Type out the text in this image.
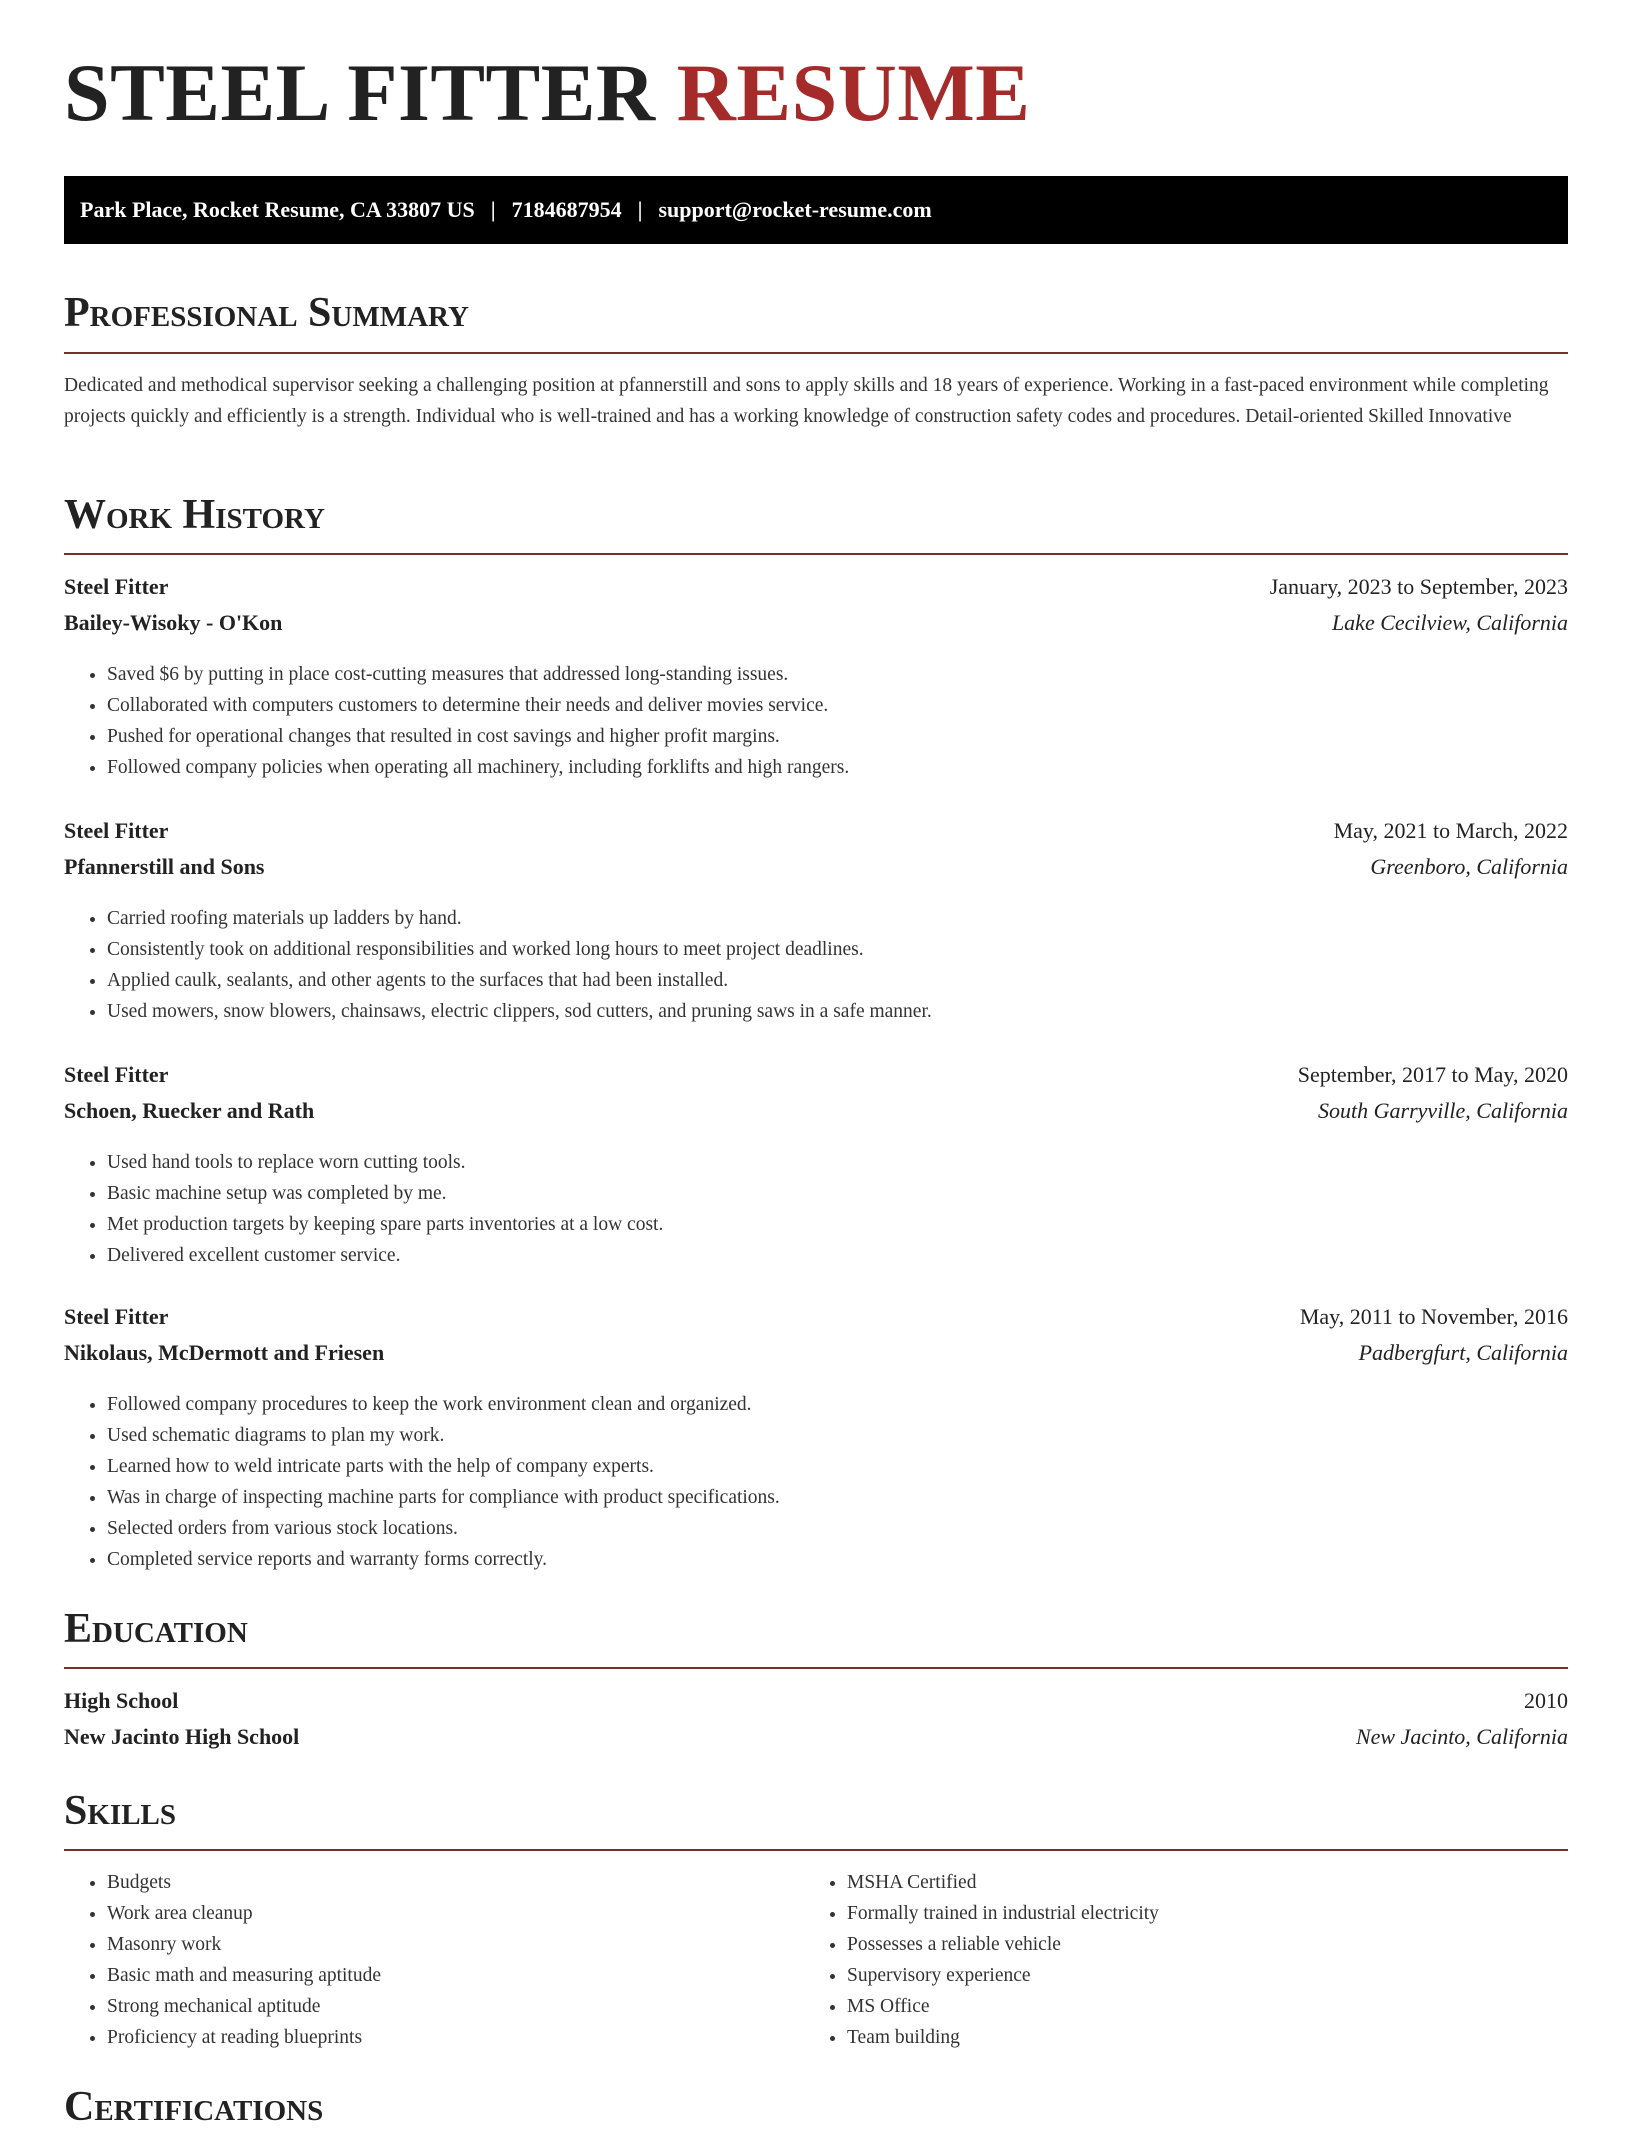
STEEL FITTER RESUME
Park Place, Rocket Resume, CA 33807 US | 7184687954 | support@rocket-resume.com
Professional Summary
Dedicated and methodical supervisor seeking a challenging position at pfannerstill and sons to apply skills and 18 years of experience. Working in a fast-paced environment while completing projects quickly and efficiently is a strength. Individual who is well-trained and has a working knowledge of construction safety codes and procedures. Detail-oriented Skilled Innovative
Work History
Steel Fitter	January, 2023 to September, 2023
Bailey-Wisoky - O'Kon	Lake Cecilview, California
• Saved $6 by putting in place cost-cutting measures that addressed long-standing issues.
• Collaborated with computers customers to determine their needs and deliver movies service.
• Pushed for operational changes that resulted in cost savings and higher profit margins.
• Followed company policies when operating all machinery, including forklifts and high rangers.
Steel Fitter	May, 2021 to March, 2022
Pfannerstill and Sons	Greenboro, California
• Carried roofing materials up ladders by hand.
• Consistently took on additional responsibilities and worked long hours to meet project deadlines.
• Applied caulk, sealants, and other agents to the surfaces that had been installed.
• Used mowers, snow blowers, chainsaws, electric clippers, sod cutters, and pruning saws in a safe manner.
Steel Fitter	September, 2017 to May, 2020
Schoen, Ruecker and Rath	South Garryville, California
• Used hand tools to replace worn cutting tools.
• Basic machine setup was completed by me.
• Met production targets by keeping spare parts inventories at a low cost.
• Delivered excellent customer service.
Steel Fitter	May, 2011 to November, 2016
Nikolaus, McDermott and Friesen	Padbergfurt, California
• Followed company procedures to keep the work environment clean and organized.
• Used schematic diagrams to plan my work.
• Learned how to weld intricate parts with the help of company experts.
• Was in charge of inspecting machine parts for compliance with product specifications.
• Selected orders from various stock locations.
• Completed service reports and warranty forms correctly.
Education
High School	2010
New Jacinto High School	New Jacinto, California
Skills
• Budgets
• Work area cleanup
• Masonry work
• Basic math and measuring aptitude
• Strong mechanical aptitude
• Proficiency at reading blueprints
• MSHA Certified
• Formally trained in industrial electricity
• Possesses a reliable vehicle
• Supervisory experience
• MS Office
• Team building
Certifications
